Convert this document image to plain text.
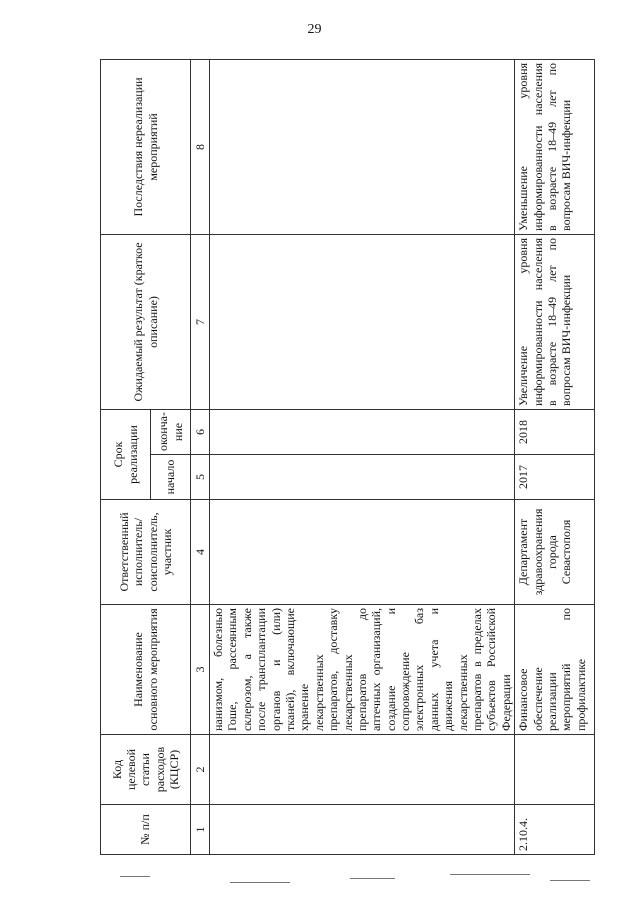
29
№ п/п	Код целевой статьи расходов (КЦСР)	Наименование основного мероприятия	Ответственный исполнитель/ соисполнитель, участник	Срок реализации		Ожидаемый результат (краткое описание)	Последствия нереализации мероприятий
				начало	оконча-ние		
1	2	3	4	5	6	7	8
		нанизмом, болезнью Гоше, рассеянным склерозом, а также после трансплантации органов и (или) тканей), включающие хранение лекарственных препаратов, доставку лекарственных препаратов до аптечных организаций, создание и сопровождение электронных баз данных учета и движения лекарственных препаратов в пределах субъектов Российской Федерации					
2.10.4.		Финансовое обеспечение реализации мероприятий по профилактике	Департамент здравоохранения города Севастополя	2017	2018	Увеличение уровня информированности населения в возрасте 18–49 лет по вопросам ВИЧ-инфекции	Уменьшение уровня информированности населения в возрасте 18–49 лет по вопросам ВИЧ-инфекции
